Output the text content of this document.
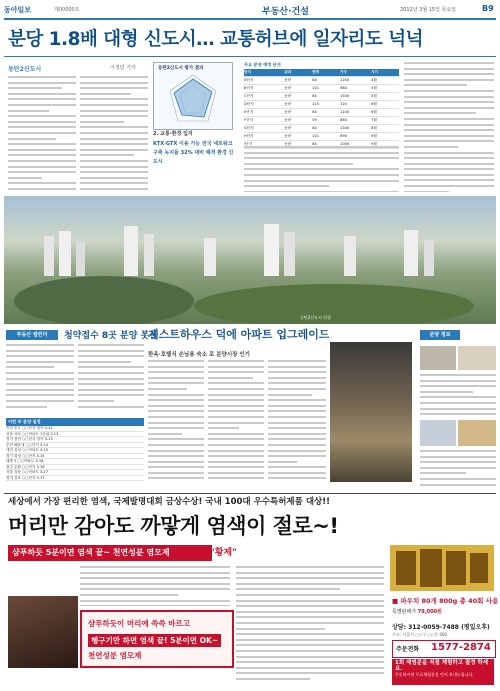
동아일보	제00000호	부동산·건설	2012년 3월 15일 목요일	B9
분당 1.8배 대형 신도시… 교통허브에 일자리도 넉넉
동탄2신도시	이정민 기자	동탄2신도시 평가 결과
2. 교통·환경 입지
KTX·GTX 이용 가능 전국 네트워크 구축 녹지율 32% 대비 쾌적 환경 신도시
주요 분양 예정 단지
단지	위치	면적	가구	시기
A단지	동탄	84	1200	4월
B단지	동탄	101	980	5월
C단지	동탄	84	1500	5월
D단지	동탄	115	720	6월
E단지	동탄	84	1100	6월
F단지	동탄	59	860	7월
G단지	동탄	84	1340	8월
H단지	동탄	101	690	9월
I단지	동탄	84	1050	9월
동탄2신도시 전경
부동산 캘린더	청약접수 8곳 분양 봇물
이번 주 분양 일정
인천 송도 ○○단지 청약 3.12
서울 마포 ○○아파트 1순위 3.13
경기 용인 ○○단지 청약 3.13
부산 해운대 ○○단지 3.14
대전 유성 ○○아파트 3.15
경기 화성 ○○단지 3.15
세종시 ○○아파트 3.16
광주 수완 ○○단지 3.16
서울 강동 ○○아파트 3.17
경기 김포 ○○단지 3.17
게스트하우스 덕에 아파트 업그레이드
한옥·호텔식 손님용 숙소 로 분양시장 인기
분양 정보
세상에서 가장 편리한 염색, 국제발명대회 금상수상! 국내 100대 우수특허제품 대상!!
머리만 감아도 까맣게 염색이 절로~!
샴푸하듯 5분이면 염색 끝~ 천연성분 염모제	"황제"
샴푸하듯이 머리에 쓱쓱 바르고
헹구기만 하면 염색 끝! 5분이면 OK~
천연성분 염모제
■ 파우치 80개 800g 총 40회 사용
특별판매가 79,000원
상담: 312-0059-7488 (평일오후)
주소: 서울시 ○○구 ○○동 000
주문전화 1577-2874
1회 재염분을 직접 체험하고 결정 하세요.
주문하시면 무료체험분을 먼저 보내드립니다.
